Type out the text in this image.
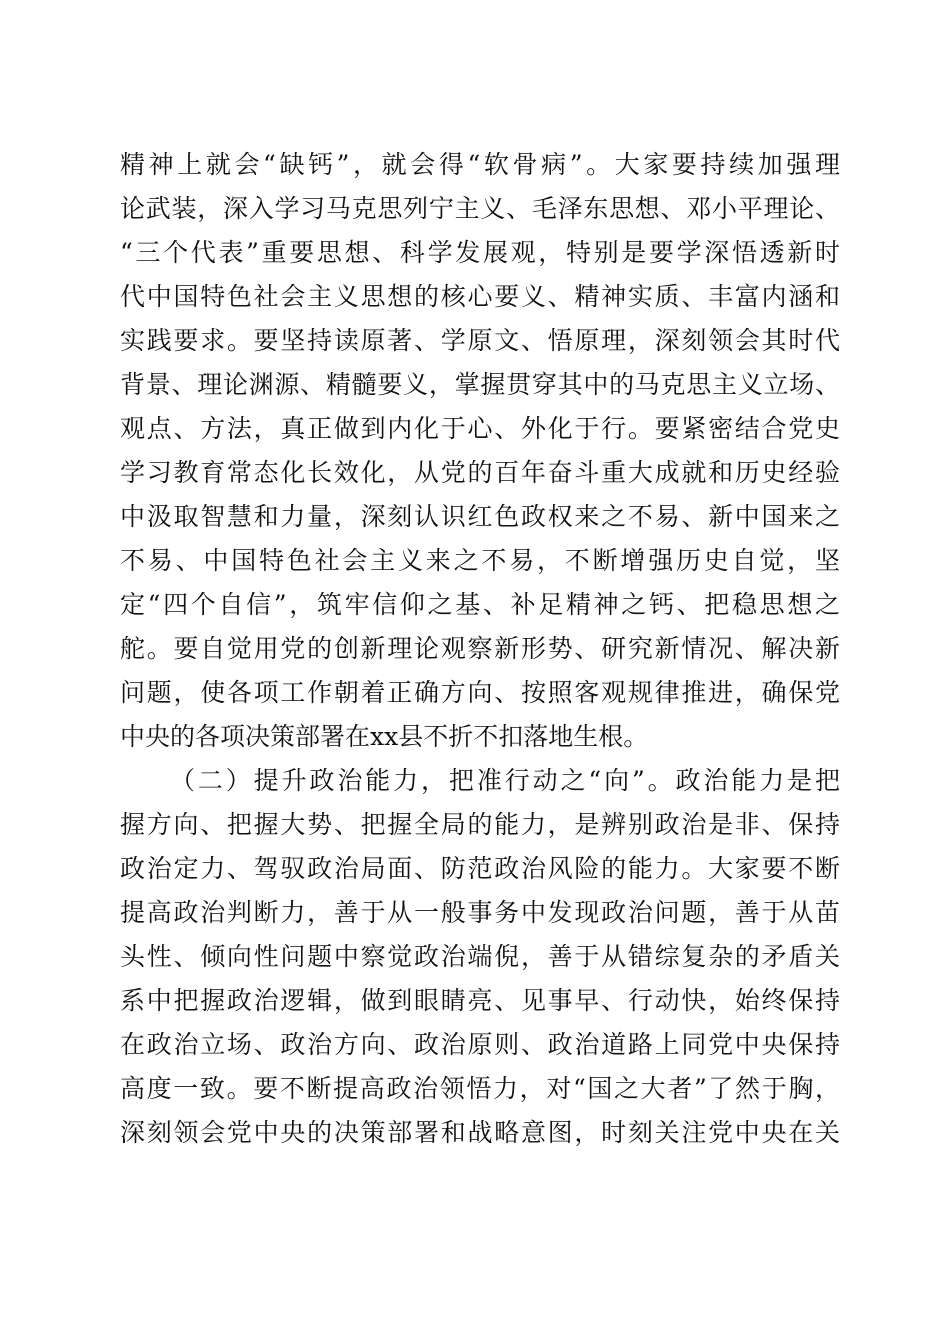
精神上就会“缺钙”，就会得“软骨病”。大家要持续加强理
论武装，深入学习马克思列宁主义、毛泽东思想、邓小平理论、
“三个代表”重要思想、科学发展观，特别是要学深悟透新时
代中国特色社会主义思想的核心要义、精神实质、丰富内涵和
实践要求。要坚持读原著、学原文、悟原理，深刻领会其时代
背景、理论渊源、精髓要义，掌握贯穿其中的马克思主义立场、
观点、方法，真正做到内化于心、外化于行。要紧密结合党史
学习教育常态化长效化，从党的百年奋斗重大成就和历史经验
中汲取智慧和力量，深刻认识红色政权来之不易、新中国来之
不易、中国特色社会主义来之不易，不断增强历史自觉，坚
定“四个自信”，筑牢信仰之基、补足精神之钙、把稳思想之
舵。要自觉用党的创新理论观察新形势、研究新情况、解决新
问题，使各项工作朝着正确方向、按照客观规律推进，确保党
中央的各项决策部署在xx县不折不扣落地生根。
（二）提升政治能力，把准行动之“向”。政治能力是把
握方向、把握大势、把握全局的能力，是辨别政治是非、保持
政治定力、驾驭政治局面、防范政治风险的能力。大家要不断
提高政治判断力，善于从一般事务中发现政治问题，善于从苗
头性、倾向性问题中察觉政治端倪，善于从错综复杂的矛盾关
系中把握政治逻辑，做到眼睛亮、见事早、行动快，始终保持
在政治立场、政治方向、政治原则、政治道路上同党中央保持
高度一致。要不断提高政治领悟力，对“国之大者”了然于胸，
深刻领会党中央的决策部署和战略意图，时刻关注党中央在关
